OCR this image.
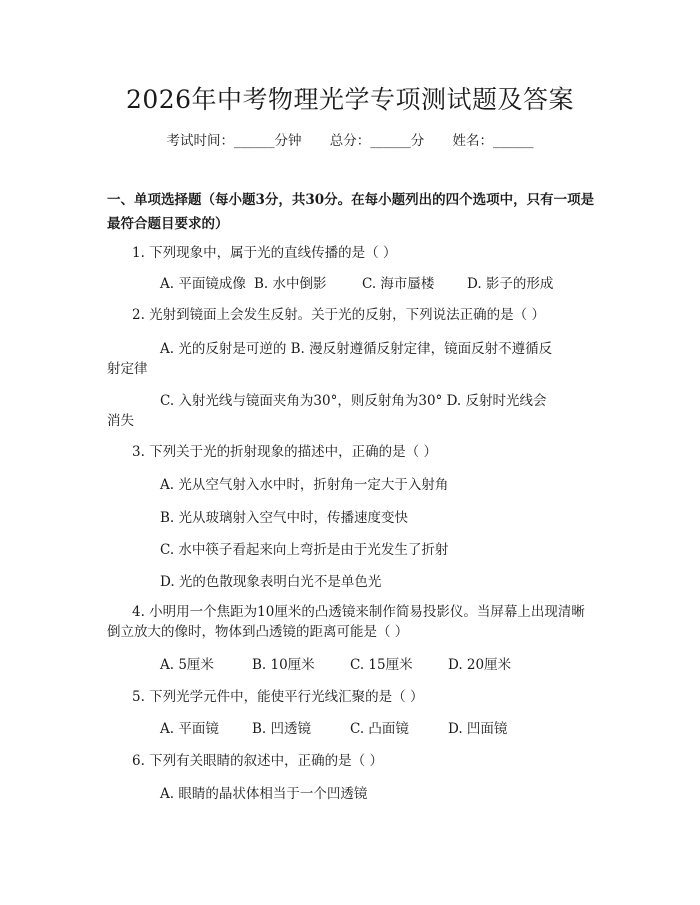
2026年中考物理光学专项测试题及答案
考试时间：______分钟 总分：______分 姓名：______
一、单项选择题（每小题3分，共30分。在每小题列出的四个选项中，只有一项是最符合题目要求的）
1. 下列现象中，属于光的直线传播的是（ ）
A. 平面镜成像 B. 水中倒影	C. 海市蜃楼 D. 影子的形成
2. 光射到镜面上会发生反射。关于光的反射，下列说法正确的是（ ）
A. 光的反射是可逆的 B. 漫反射遵循反射定律，镜面反射不遵循反
射定律
C. 入射光线与镜面夹角为30°，则反射角为30° D. 反射时光线会
消失
3. 下列关于光的折射现象的描述中，正确的是（ ）
A. 光从空气射入水中时，折射角一定大于入射角
B. 光从玻璃射入空气中时，传播速度变快
C. 水中筷子看起来向上弯折是由于光发生了折射
D. 光的色散现象表明白光不是单色光
4. 小明用一个焦距为10厘米的凸透镜来制作简易投影仪。当屏幕上出现清晰
倒立放大的像时，物体到凸透镜的距离可能是（ ）
A. 5厘米	B. 10厘米	C. 15厘米	D. 20厘米
5. 下列光学元件中，能使平行光线汇聚的是（ ）
A. 平面镜 B. 凹透镜	C. 凸面镜	D. 凹面镜
6. 下列有关眼睛的叙述中，正确的是（ ）
A. 眼睛的晶状体相当于一个凹透镜
